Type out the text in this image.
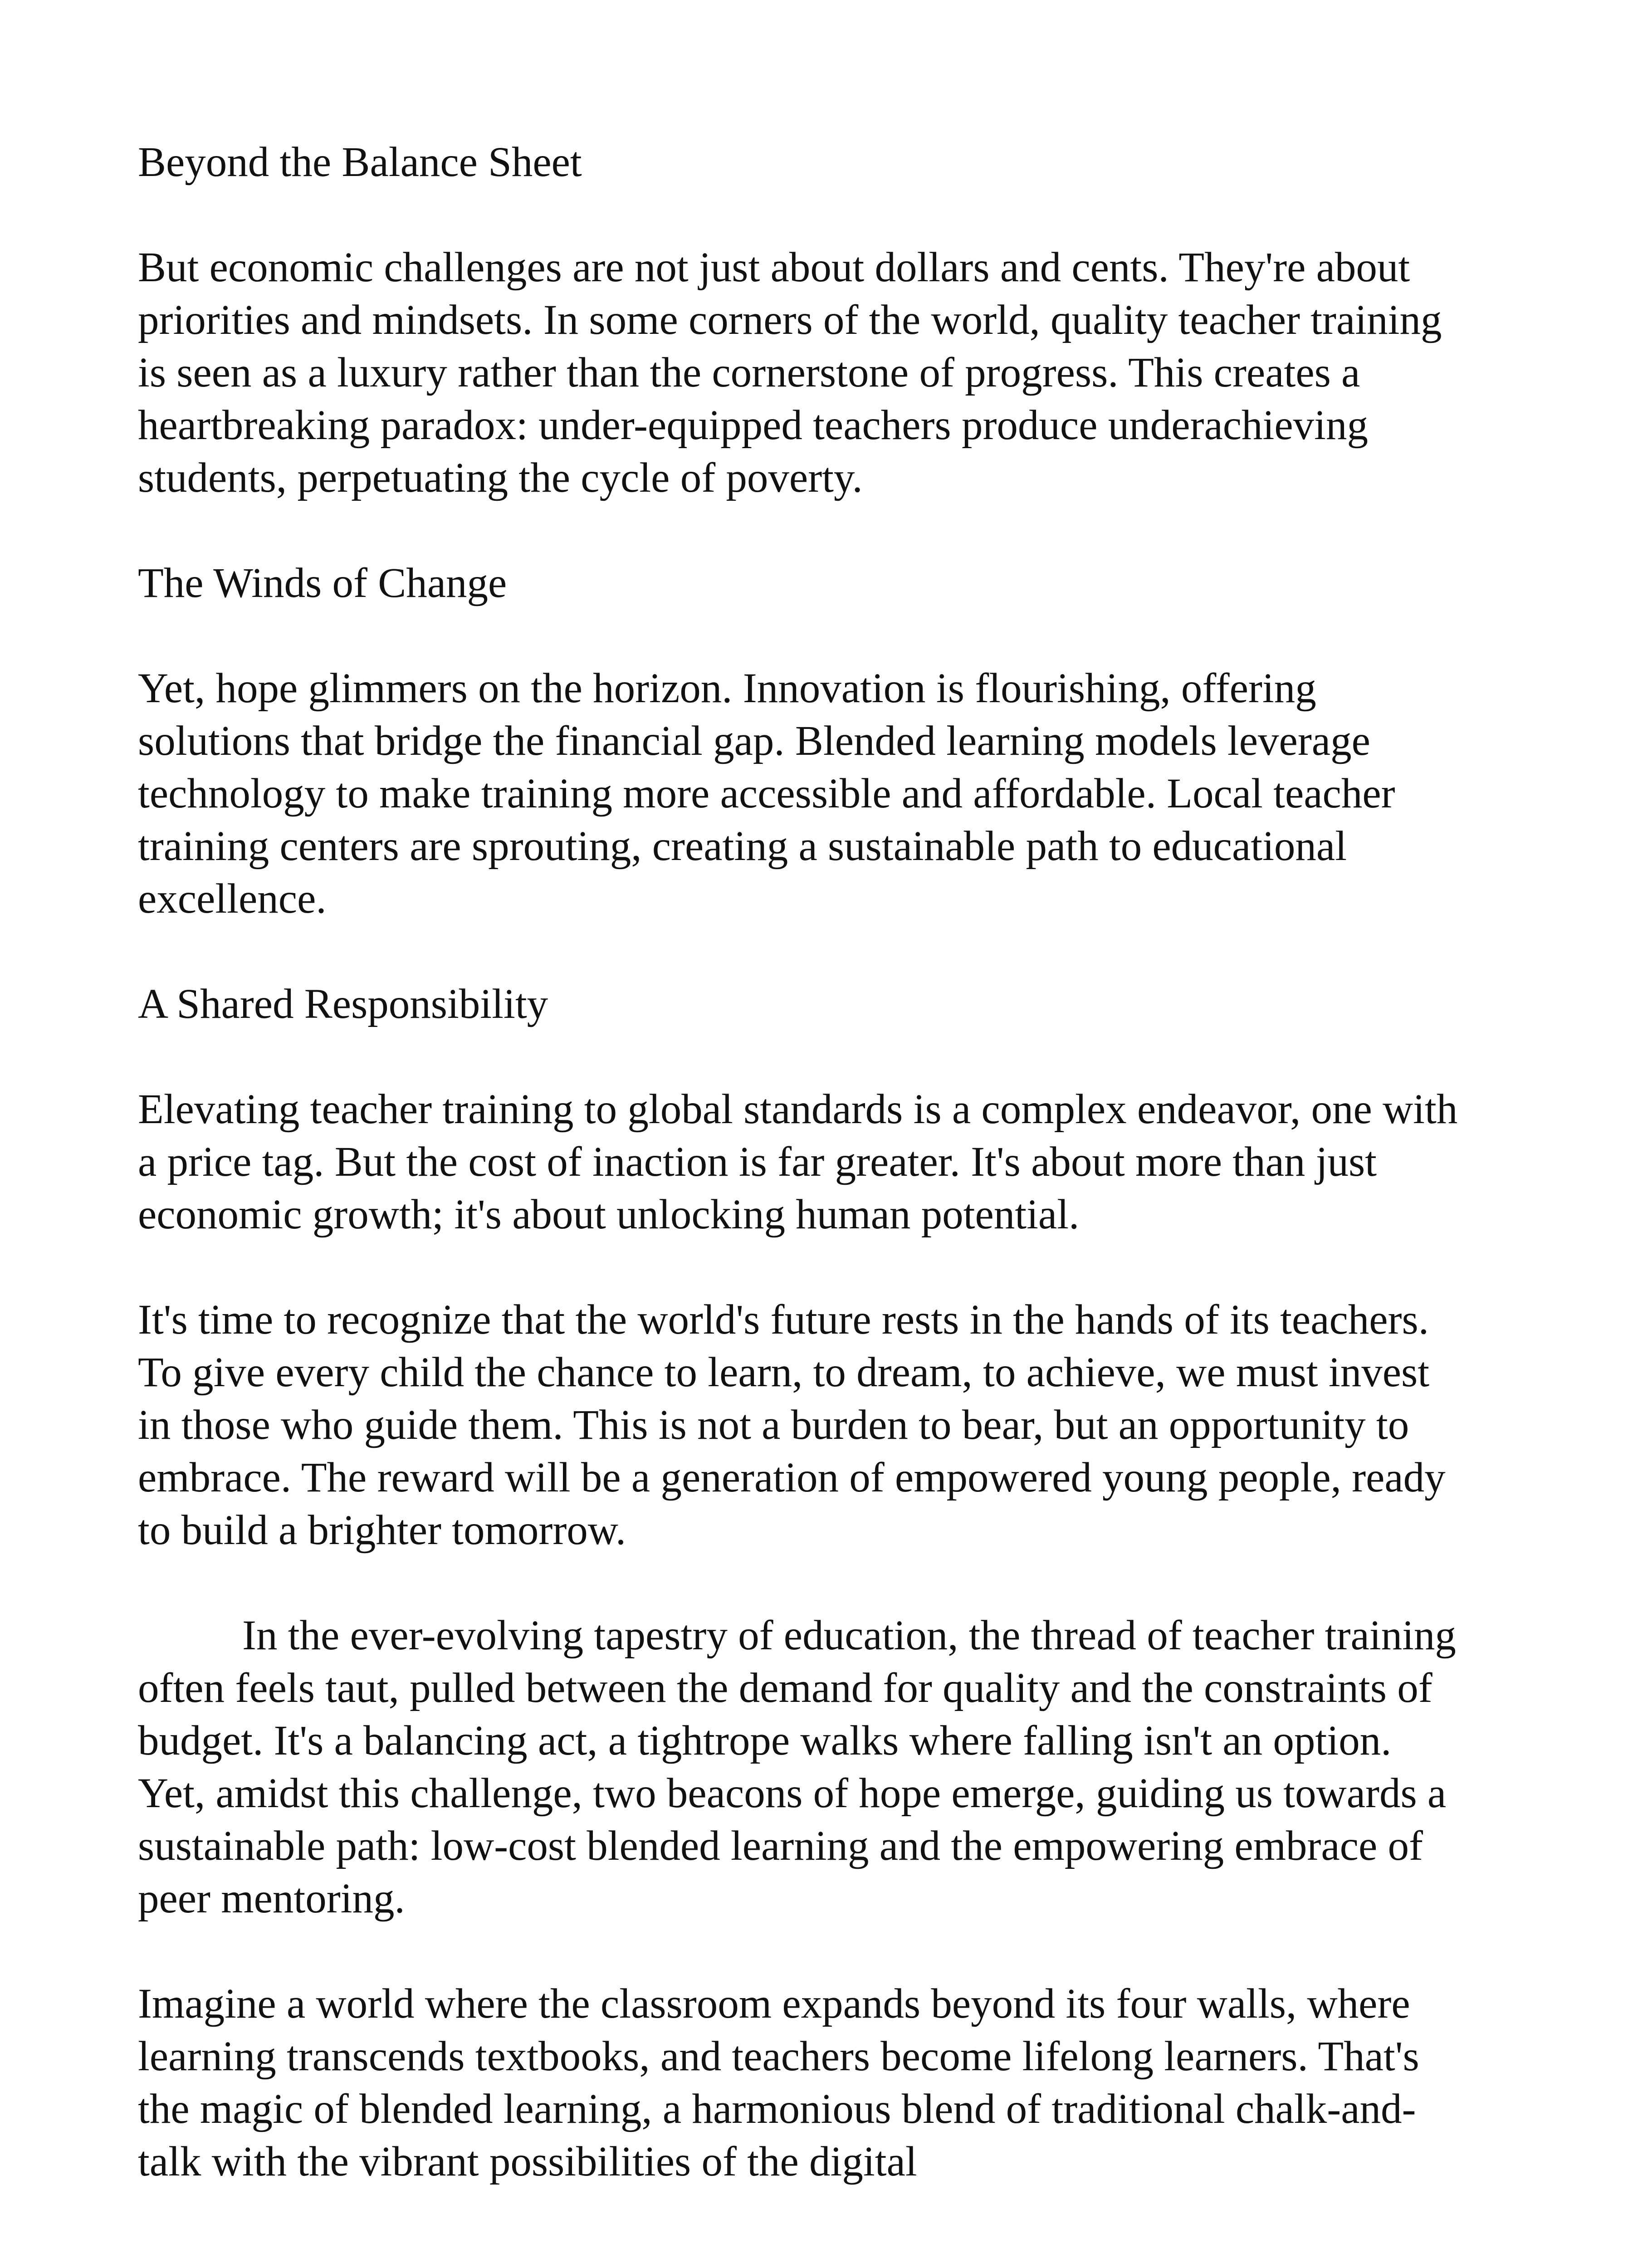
Beyond the Balance Sheet

But economic challenges are not just about dollars and cents. They're about priorities and mindsets. In some corners of the world, quality teacher training is seen as a luxury rather than the cornerstone of progress. This creates a heartbreaking paradox: under-equipped teachers produce underachieving students, perpetuating the cycle of poverty.

The Winds of Change

Yet, hope glimmers on the horizon. Innovation is flourishing, offering solutions that bridge the financial gap. Blended learning models leverage technology to make training more accessible and affordable. Local teacher training centers are sprouting, creating a sustainable path to educational excellence.

A Shared Responsibility

Elevating teacher training to global standards is a complex endeavor, one with a price tag. But the cost of inaction is far greater. It's about more than just economic growth; it's about unlocking human potential.

It's time to recognize that the world's future rests in the hands of its teachers. To give every child the chance to learn, to dream, to achieve, we must invest in those who guide them. This is not a burden to bear, but an opportunity to embrace. The reward will be a generation of empowered young people, ready to build a brighter tomorrow.

In the ever-evolving tapestry of education, the thread of teacher training often feels taut, pulled between the demand for quality and the constraints of budget. It's a balancing act, a tightrope walks where falling isn't an option. Yet, amidst this challenge, two beacons of hope emerge, guiding us towards a sustainable path: low-cost blended learning and the empowering embrace of peer mentoring.

Imagine a world where the classroom expands beyond its four walls, where learning transcends textbooks, and teachers become lifelong learners. That's the magic of blended learning, a harmonious blend of traditional chalk-and-talk with the vibrant possibilities of the digital
